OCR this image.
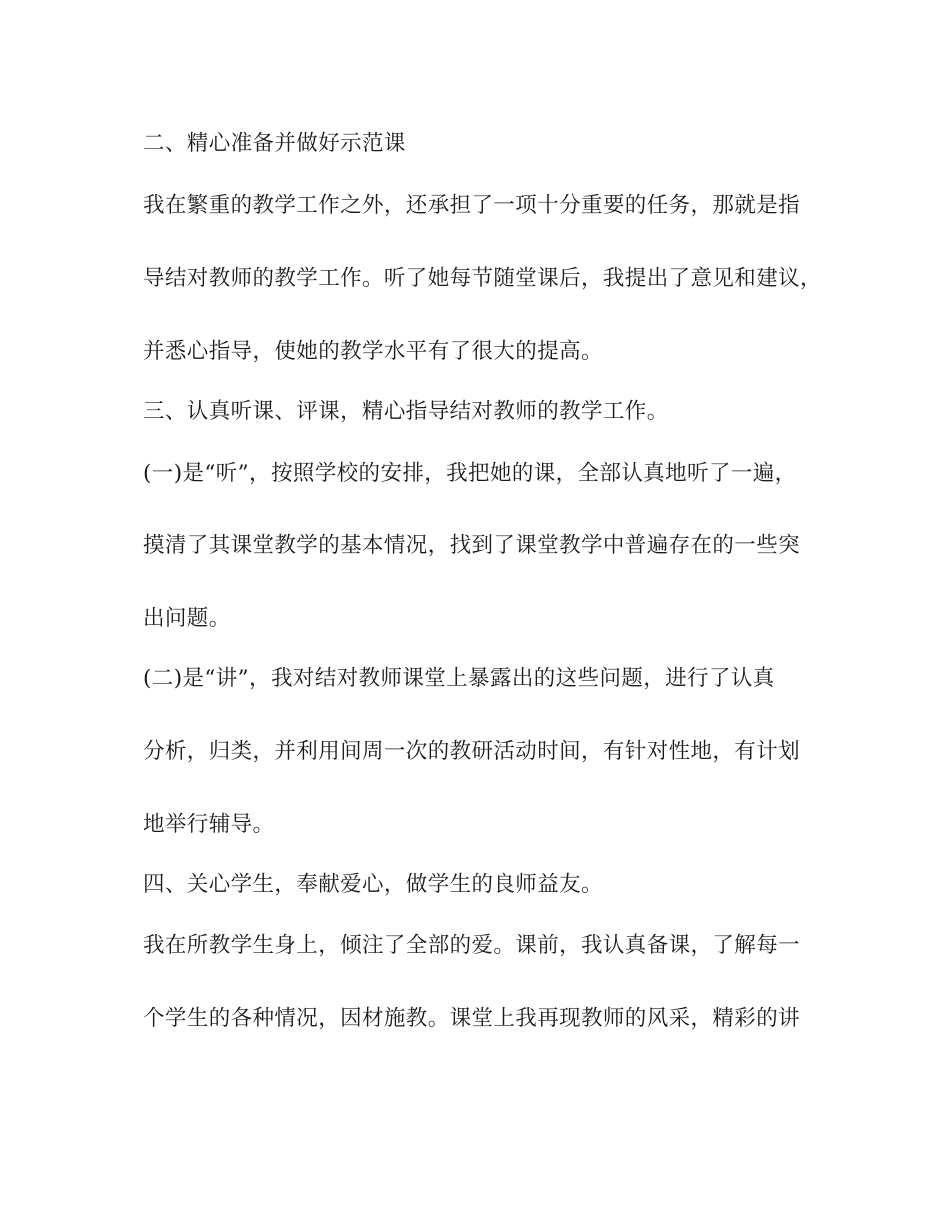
二、精心准备并做好示范课
我在繁重的教学工作之外，还承担了一项十分重要的任务，那就是指
导结对教师的教学工作。听了她每节随堂课后，我提出了意见和建议，
并悉心指导，使她的教学水平有了很大的提高。
三、认真听课、评课，精心指导结对教师的教学工作。
(一)是“听”，按照学校的安排，我把她的课，全部认真地听了一遍，
摸清了其课堂教学的基本情况，找到了课堂教学中普遍存在的一些突
出问题。
(二)是“讲”，我对结对教师课堂上暴露出的这些问题，进行了认真
分析，归类，并利用间周一次的教研活动时间，有针对性地，有计划
地举行辅导。
四、关心学生，奉献爱心，做学生的良师益友。
我在所教学生身上，倾注了全部的爱。课前，我认真备课，了解每一
个学生的各种情况，因材施教。课堂上我再现教师的风采，精彩的讲
